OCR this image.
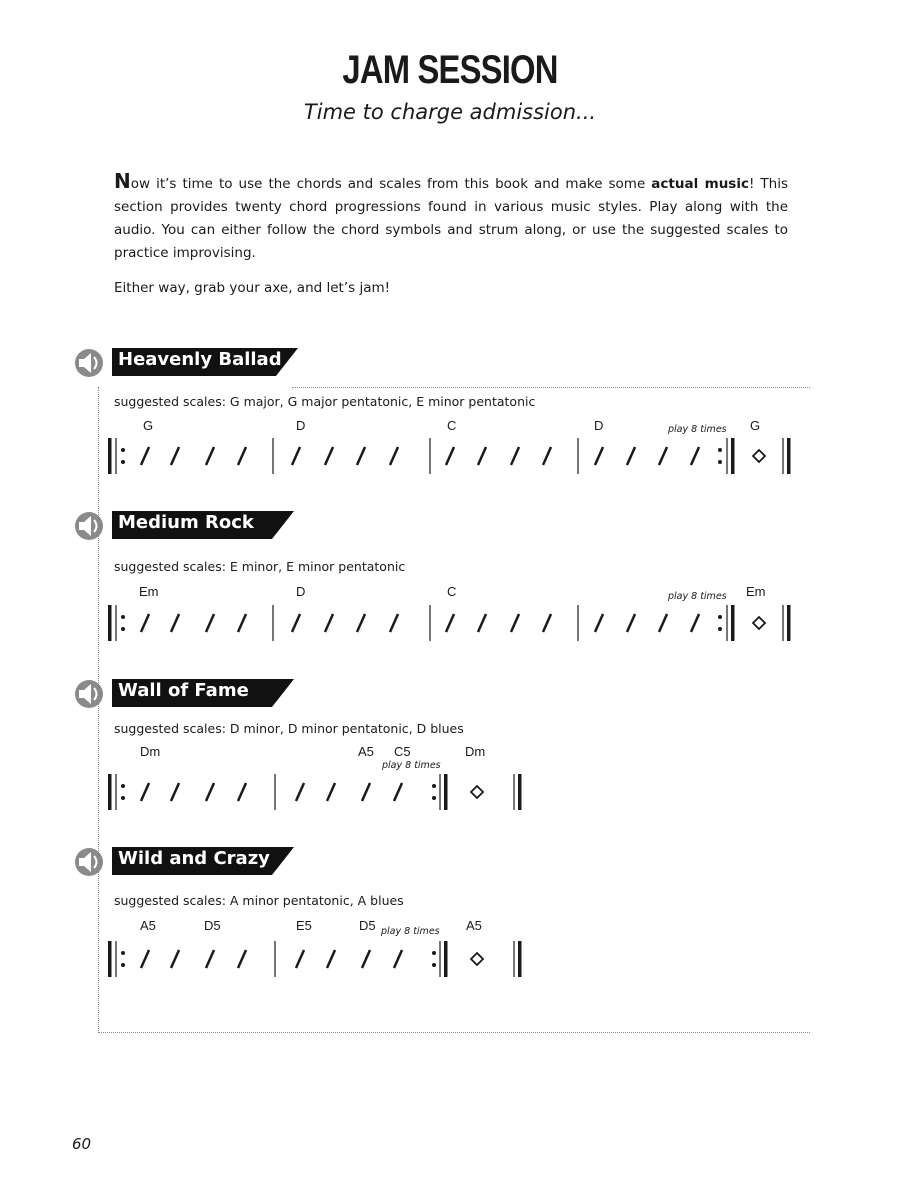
JAM SESSION
Time to charge admission...
Now it’s time to use the chords and scales from this book and make some actual music! This section provides twenty chord progressions found in various music styles. Play along with the audio. You can either follow the chord symbols and strum along, or use the suggested scales to practice improvising.
Either way, grab your axe, and let’s jam!
Heavenly Ballad
suggested scales: G major, G major pentatonic, E minor pentatonic
G	D	C	D	play 8 times G
Medium Rock
suggested scales: E minor, E minor pentatonic
Em	D	C	play 8 times Em
Wall of Fame
suggested scales: D minor, D minor pentatonic, D blues
Dm	A5 C5
play 8 times
Dm
Wild and Crazy
suggested scales: A minor pentatonic, A blues
A5	D5	E5	D5 play 8 times A5
60
